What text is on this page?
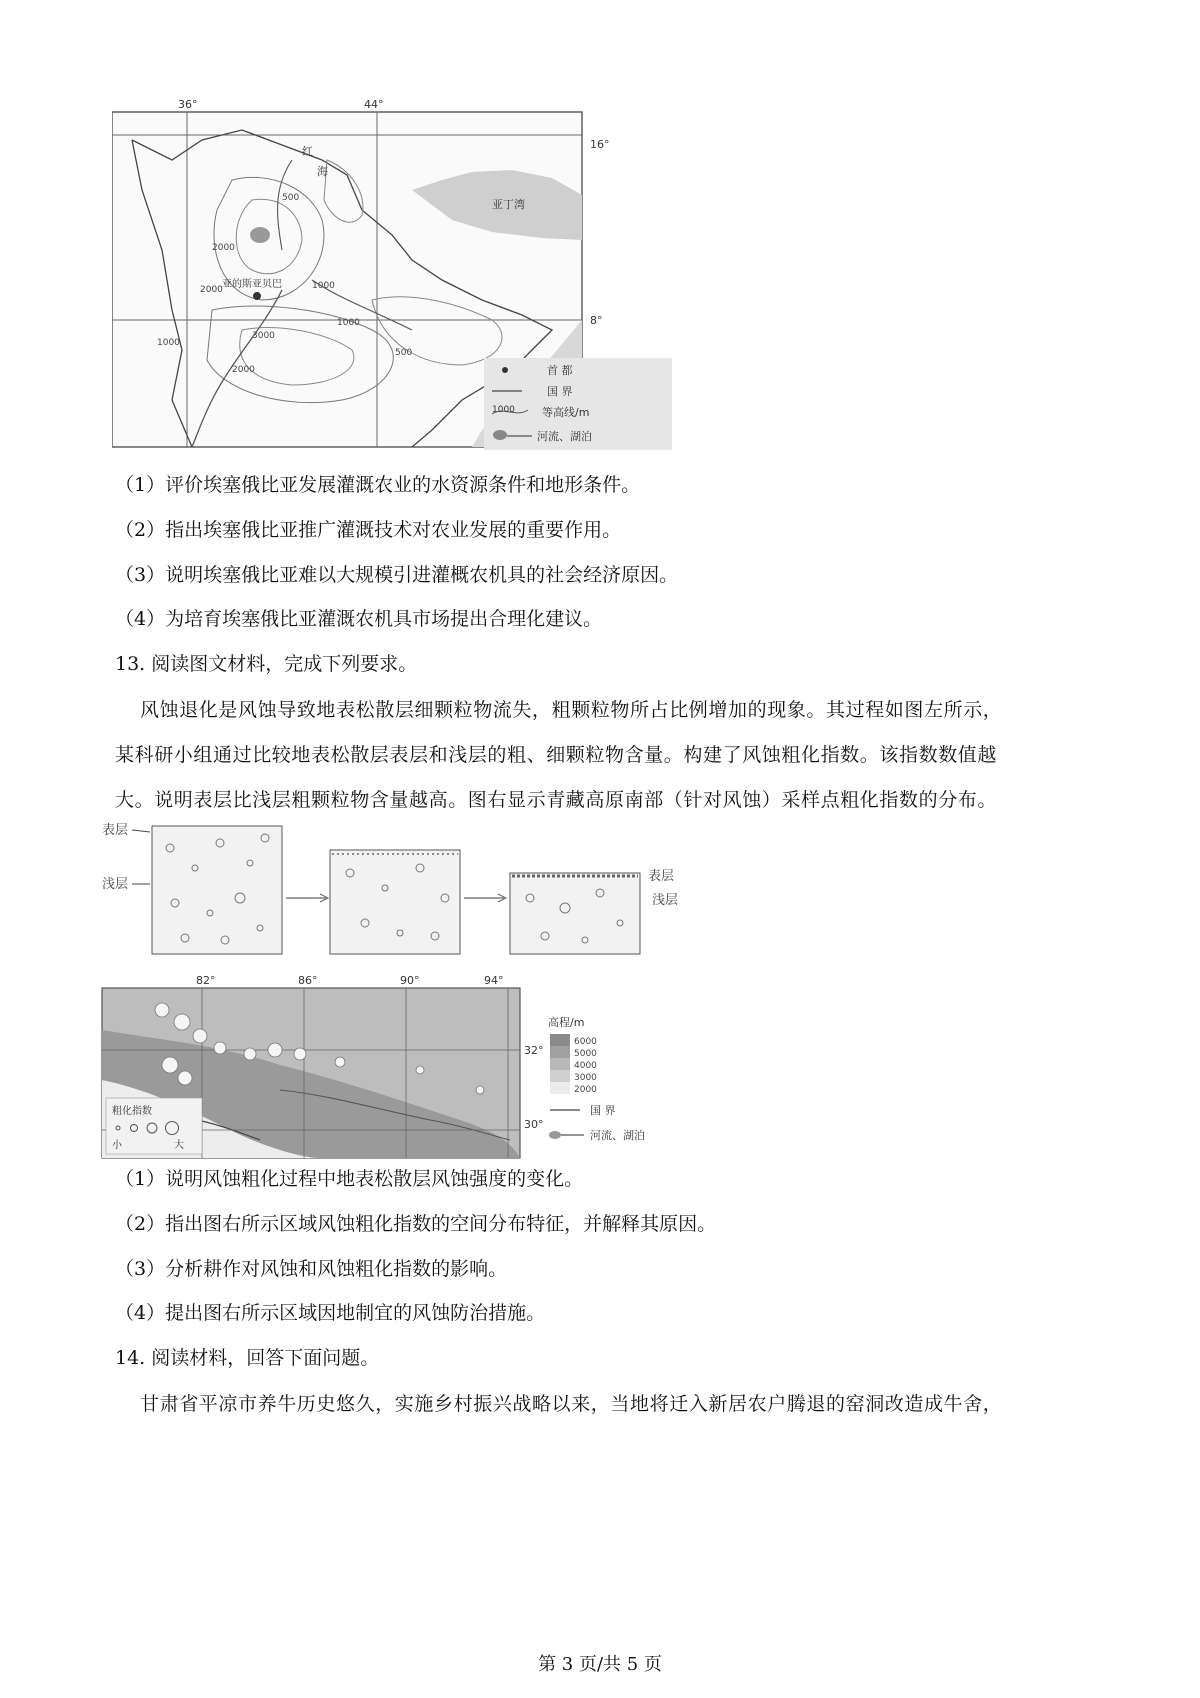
36°	44°
16°
8°
红
海
亚丁湾
亚的斯亚贝巴	1000
2000
3000
500
1000
2000
1000
2000
500
首 都
国 界
1000 等高线/m
河流、湖泊
（1）评价埃塞俄比亚发展灌溉农业的水资源条件和地形条件。
（2）指出埃塞俄比亚推广灌溉技术对农业发展的重要作用。
（3）说明埃塞俄比亚难以大规模引进灌概农机具的社会经济原因。
（4）为培育埃塞俄比亚灌溉农机具市场提出合理化建议。
13. 阅读图文材料，完成下列要求。
风蚀退化是风蚀导致地表松散层细颗粒物流失，粗颗粒物所占比例增加的现象。其过程如图左所示，
某科研小组通过比较地表松散层表层和浅层的粗、细颗粒物含量。构建了风蚀粗化指数。该指数数值越
大。说明表层比浅层粗颗粒物含量越高。图右显示青藏高原南部（针对风蚀）采样点粗化指数的分布。
表层
浅层
表层
浅层
82°	86°	90°	94°
32°
30°
粗化指数
小	大
高程/m
6000
5000
4000
3000
2000
国 界
河流、湖泊
（1）说明风蚀粗化过程中地表松散层风蚀强度的变化。
（2）指出图右所示区域风蚀粗化指数的空间分布特征，并解释其原因。
（3）分析耕作对风蚀和风蚀粗化指数的影响。
（4）提出图右所示区域因地制宜的风蚀防治措施。
14. 阅读材料，回答下面问题。
甘肃省平凉市养牛历史悠久，实施乡村振兴战略以来，当地将迁入新居农户腾退的窑洞改造成牛舍，
第 3 页/共 5 页
